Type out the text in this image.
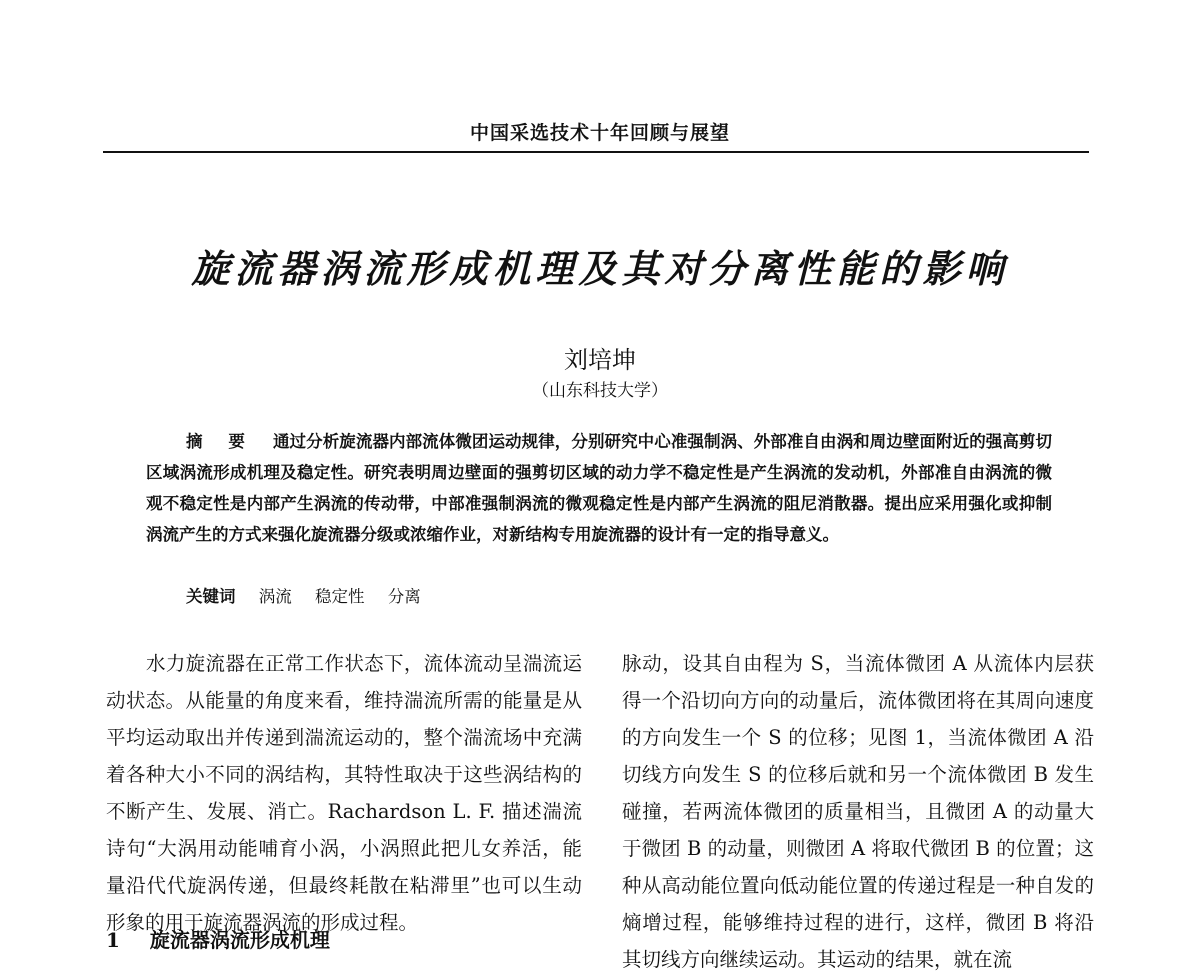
中国采选技术十年回顾与展望
旋流器涡流形成机理及其对分离性能的影响
刘培坤
（山东科技大学）
摘 要 通过分析旋流器内部流体微团运动规律，分别研究中心准强制涡、外部准自由涡和周边壁面附近的强高剪切区域涡流形成机理及稳定性。研究表明周边壁面的强剪切区域的动力学不稳定性是产生涡流的发动机，外部准自由涡流的微观不稳定性是内部产生涡流的传动带，中部准强制涡流的微观稳定性是内部产生涡流的阻尼消散器。提出应采用强化或抑制涡流产生的方式来强化旋流器分级或浓缩作业，对新结构专用旋流器的设计有一定的指导意义。
关键词 涡流 稳定性 分离
水力旋流器在正常工作状态下，流体流动呈湍流运动状态。从能量的角度来看，维持湍流所需的能量是从平均运动取出并传递到湍流运动的，整个湍流场中充满着各种大小不同的涡结构，其特性取决于这些涡结构的不断产生、发展、消亡。Rachardson L. F. 描述湍流诗句“大涡用动能哺育小涡，小涡照此把儿女养活，能量沿代代旋涡传递，但最终耗散在粘滞里”也可以生动形象的用于旋流器涡流的形成过程。
脉动，设其自由程为 S，当流体微团 A 从流体内层获得一个沿切向方向的动量后，流体微团将在其周向速度的方向发生一个 S 的位移；见图 1，当流体微团 A 沿切线方向发生 S 的位移后就和另一个流体微团 B 发生碰撞，若两流体微团的质量相当，且微团 A 的动量大于微团 B 的动量，则微团 A 将取代微团 B 的位置；这种从高动能位置向低动能位置的传递过程是一种自发的熵增过程，能够维持过程的进行，这样，微团 B 将沿其切线方向继续运动。其运动的结果，就在流
1 旋流器涡流形成机理
